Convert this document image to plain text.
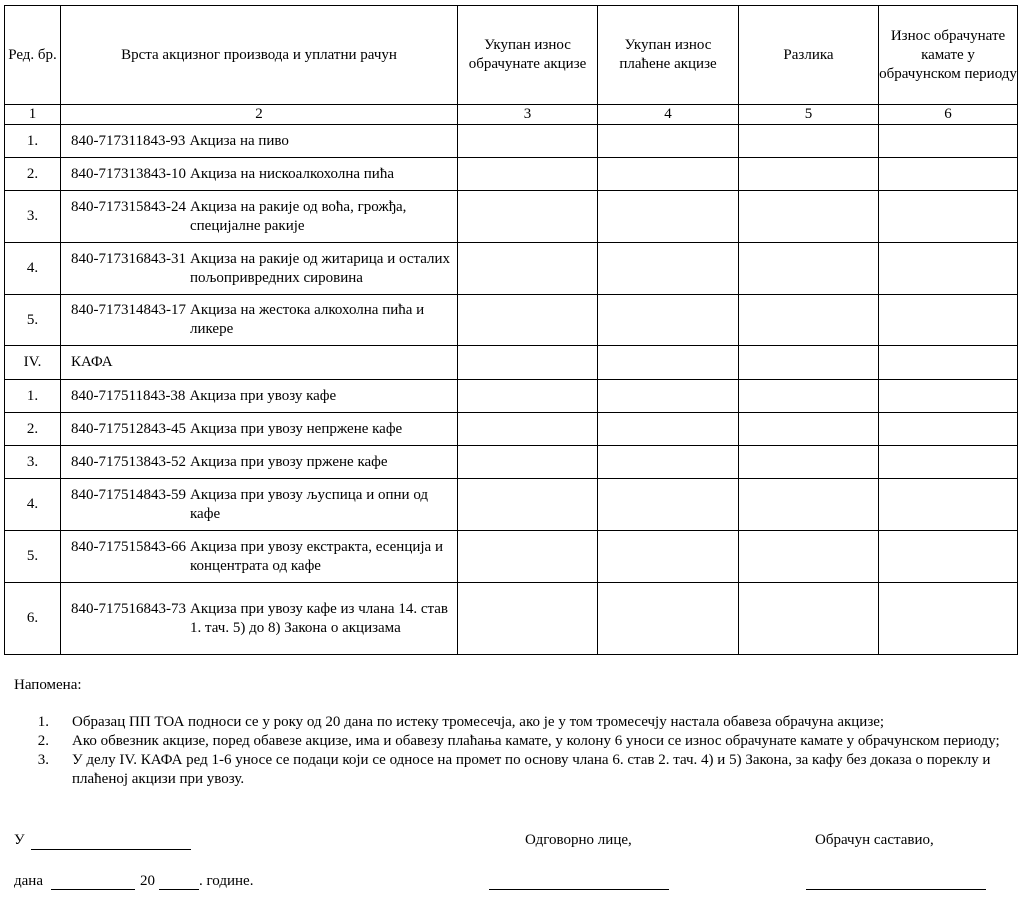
Ред. бр.	Врста акцизног производа и уплатни рачун	Укупан износ обрачунате акцизе	Укупан износ плаћене акцизе	Разлика	Износ обрачунате камате у обрачунском периоду
1	2	3	4	5	6
1.	840-717311843-93 Акциза на пиво				

2.	840-717313843-10 Акциза на нискоалкохолна пића				

3.	840-717315843-24 Акциза на ракије од воћа, грожђа, специјалне ракије				

4.	840-717316843-31 Акциза на ракије од житарица и осталих пољопривредних сировина				

5.	840-717314843-17 Акциза на жестока алкохолна пића и ликере				

IV.	КАФА				

1.	840-717511843-38 Акциза при увозу кафе				

2.	840-717512843-45 Акциза при увозу непржене кафе				

3.	840-717513843-52 Акциза при увозу пржене кафе				

4.	840-717514843-59 Акциза при увозу љуспица и опни од кафе				

5.	840-717515843-66 Акциза при увозу екстракта, есенција и концентрата од кафе				

6.	840-717516843-73 Акциза при увозу кафе из члана 14. став 1. тач. 5) до 8) Закона о акцизама				

Напомена:
1.	Образац ПП ТОА подноси се у року од 20 дана по истеку тромесечја, ако је у том тромесечју настала обавеза обрачуна акцизе;
2.	Ако обвезник акцизе, поред обавезе акцизе, има и обавезу плаћања камате, у колону 6 уноси се износ обрачунате камате у обрачунском периоду;
3.	У делу IV. КАФА ред 1-6 уносе се подаци који се односе на промет по основу члана 6. став 2. тач. 4) и 5) Закона, за кафу без доказа о пореклу и плаћеној акцизи при увозу.
У	Одговорно лице,	Обрачун саставио,
дана	20	. године.
